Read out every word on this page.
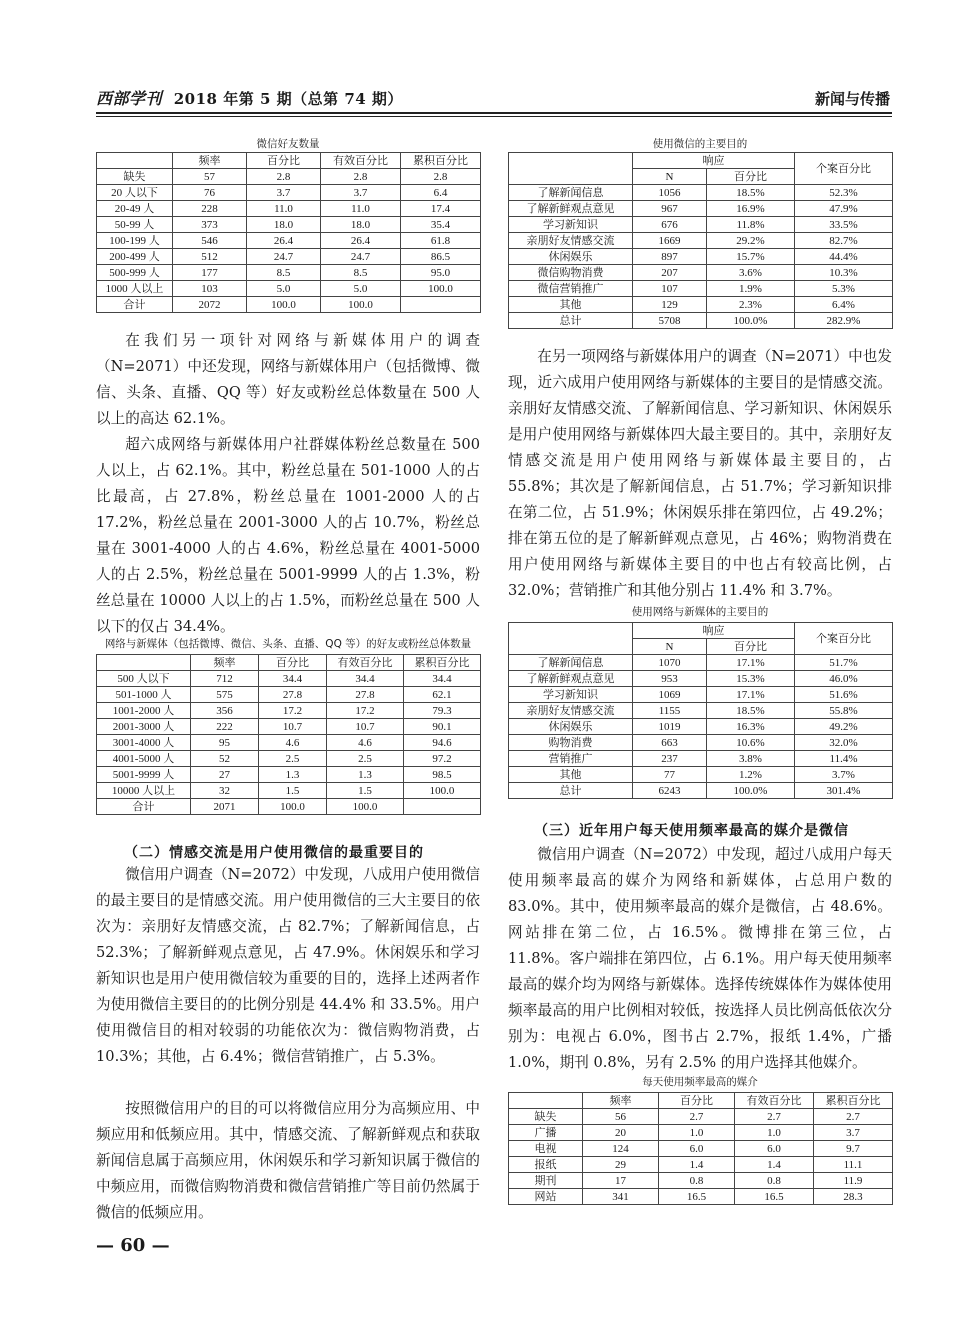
西部学刊 2018 年第 5 期（总第 74 期）	新闻与传播
微信好友数量
	频率	百分比	有效百分比	累积百分比
缺失	57	2.8	2.8	2.8
20 人以下	76	3.7	3.7	6.4
20-49 人	228	11.0	11.0	17.4
50-99 人	373	18.0	18.0	35.4
100-199 人	546	26.4	26.4	61.8
200-499 人	512	24.7	24.7	86.5
500-999 人	177	8.5	8.5	95.0
1000 人以上	103	5.0	5.0	100.0
合计	2072	100.0	100.0	
在我们另一项针对网络与新媒体用户的调查（N=2071）中还发现，网络与新媒体用户（包括微博、微信、头条、直播、QQ 等）好友或粉丝总体数量在 500 人以上的高达 62.1%。
超六成网络与新媒体用户社群媒体粉丝总数量在 500 人以上，占 62.1%。其中，粉丝总量在 501-1000 人的占比最高，占 27.8%，粉丝总量在 1001-2000 人的占 17.2%，粉丝总量在 2001-3000 人的占 10.7%，粉丝总量在 3001-4000 人的占 4.6%，粉丝总量在 4001-5000 人的占 2.5%，粉丝总量在 5001-9999 人的占 1.3%，粉丝总量在 10000 人以上的占 1.5%，而粉丝总量在 500 人以下的仅占 34.4%。
网络与新媒体（包括微博、微信、头条、直播、QQ 等）的好友或粉丝总体数量
	频率	百分比	有效百分比	累积百分比
500 人以下	712	34.4	34.4	34.4
501-1000 人	575	27.8	27.8	62.1
1001-2000 人	356	17.2	17.2	79.3
2001-3000 人	222	10.7	10.7	90.1
3001-4000 人	95	4.6	4.6	94.6
4001-5000 人	52	2.5	2.5	97.2
5001-9999 人	27	1.3	1.3	98.5
10000 人以上	32	1.5	1.5	100.0
合计	2071	100.0	100.0	
（二）情感交流是用户使用微信的最重要目的
微信用户调查（N=2072）中发现，八成用户使用微信的最主要目的是情感交流。用户使用微信的三大主要目的依次为：亲朋好友情感交流，占 82.7%；了解新闻信息，占 52.3%；了解新鲜观点意见，占 47.9%。休闲娱乐和学习新知识也是用户使用微信较为重要的目的，选择上述两者作为使用微信主要目的的比例分别是 44.4% 和 33.5%。用户使用微信目的相对较弱的功能依次为：微信购物消费，占 10.3%；其他，占 6.4%；微信营销推广，占 5.3%。
按照微信用户的目的可以将微信应用分为高频应用、中频应用和低频应用。其中，情感交流、了解新鲜观点和获取新闻信息属于高频应用，休闲娱乐和学习新知识属于微信的中频应用，而微信购物消费和微信营销推广等目前仍然属于微信的低频应用。
— 60 —
使用微信的主要目的
	响应		个案百分比
	N	百分比	
了解新闻信息	1056	18.5%	52.3%
了解新鲜观点意见	967	16.9%	47.9%
学习新知识	676	11.8%	33.5%
亲朋好友情感交流	1669	29.2%	82.7%
休闲娱乐	897	15.7%	44.4%
微信购物消费	207	3.6%	10.3%
微信营销推广	107	1.9%	5.3%
其他	129	2.3%	6.4%
总计	5708	100.0%	282.9%
在另一项网络与新媒体用户的调查（N=2071）中也发现，近六成用户使用网络与新媒体的主要目的是情感交流。亲朋好友情感交流、了解新闻信息、学习新知识、休闲娱乐是用户使用网络与新媒体四大最主要目的。其中，亲朋好友情感交流是用户使用网络与新媒体最主要目的，占 55.8%；其次是了解新闻信息，占 51.7%；学习新知识排在第二位，占 51.9%；休闲娱乐排在第四位，占 49.2%；排在第五位的是了解新鲜观点意见，占 46%；购物消费在用户使用网络与新媒体主要目的中也占有较高比例，占 32.0%；营销推广和其他分别占 11.4% 和 3.7%。
使用网络与新媒体的主要目的
	响应		个案百分比
	N	百分比	
了解新闻信息	1070	17.1%	51.7%
了解新鲜观点意见	953	15.3%	46.0%
学习新知识	1069	17.1%	51.6%
亲朋好友情感交流	1155	18.5%	55.8%
休闲娱乐	1019	16.3%	49.2%
购物消费	663	10.6%	32.0%
营销推广	237	3.8%	11.4%
其他	77	1.2%	3.7%
总计	6243	100.0%	301.4%
（三）近年用户每天使用频率最高的媒介是微信
微信用户调查（N=2072）中发现，超过八成用户每天使用频率最高的媒介为网络和新媒体，占总用户数的 83.0%。其中，使用频率最高的媒介是微信，占 48.6%。网站排在第二位，占 16.5%。微博排在第三位，占 11.8%。客户端排在第四位，占 6.1%。用户每天使用频率最高的媒介均为网络与新媒体。选择传统媒体作为媒体使用频率最高的用户比例相对较低，按选择人员比例高低依次分别为：电视占 6.0%，图书占 2.7%，报纸 1.4%，广播 1.0%，期刊 0.8%，另有 2.5% 的用户选择其他媒介。
每天使用频率最高的媒介
	频率	百分比	有效百分比	累积百分比
缺失	56	2.7	2.7	2.7
广播	20	1.0	1.0	3.7
电视	124	6.0	6.0	9.7
报纸	29	1.4	1.4	11.1
期刊	17	0.8	0.8	11.9
网站	341	16.5	16.5	28.3
